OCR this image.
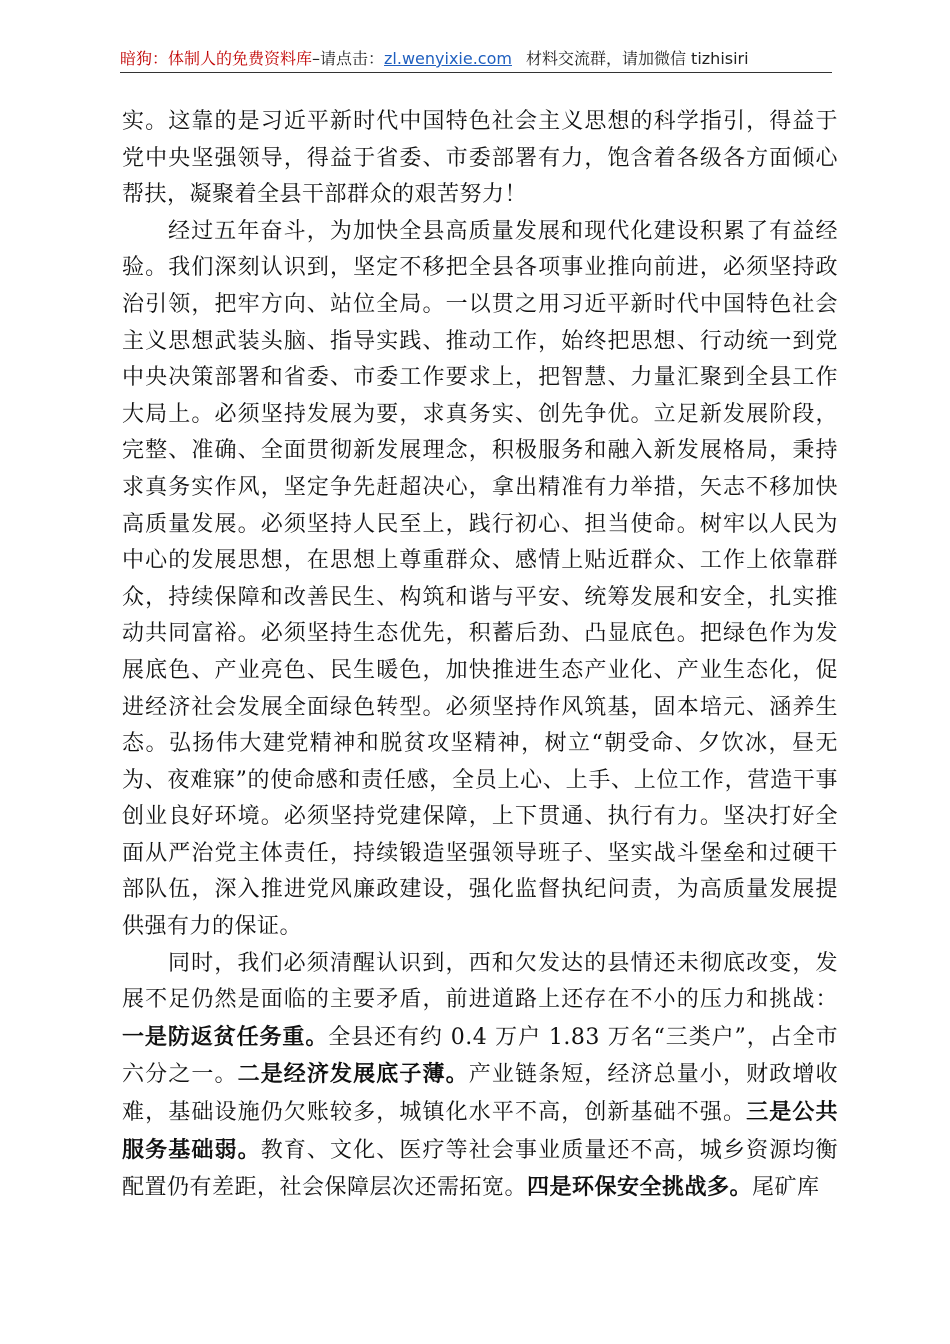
暗狗：体制人的免费资料库–请点击：zl.wenyixie.com 材料交流群，请加微信 tizhisiri

实。这靠的是习近平新时代中国特色社会主义思想的科学指引，得益于党中央坚强领导，得益于省委、市委部署有力，饱含着各级各方面倾心帮扶，凝聚着全县干部群众的艰苦努力！

经过五年奋斗，为加快全县高质量发展和现代化建设积累了有益经验。我们深刻认识到，坚定不移把全县各项事业推向前进，必须坚持政治引领，把牢方向、站位全局。一以贯之用习近平新时代中国特色社会主义思想武装头脑、指导实践、推动工作，始终把思想、行动统一到党中央决策部署和省委、市委工作要求上，把智慧、力量汇聚到全县工作大局上。必须坚持发展为要，求真务实、创先争优。立足新发展阶段，完整、准确、全面贯彻新发展理念，积极服务和融入新发展格局，秉持求真务实作风，坚定争先赶超决心，拿出精准有力举措，矢志不移加快高质量发展。必须坚持人民至上，践行初心、担当使命。树牢以人民为中心的发展思想，在思想上尊重群众、感情上贴近群众、工作上依靠群众，持续保障和改善民生、构筑和谐与平安、统筹发展和安全，扎实推动共同富裕。必须坚持生态优先，积蓄后劲、凸显底色。把绿色作为发展底色、产业亮色、民生暖色，加快推进生态产业化、产业生态化，促进经济社会发展全面绿色转型。必须坚持作风筑基，固本培元、涵养生态。弘扬伟大建党精神和脱贫攻坚精神，树立“朝受命、夕饮冰，昼无为、夜难寐”的使命感和责任感，全员上心、上手、上位工作，营造干事创业良好环境。必须坚持党建保障，上下贯通、执行有力。坚决打好全面从严治党主体责任，持续锻造坚强领导班子、坚实战斗堡垒和过硬干部队伍，深入推进党风廉政建设，强化监督执纪问责，为高质量发展提供强有力的保证。

同时，我们必须清醒认识到，西和欠发达的县情还未彻底改变，发展不足仍然是面临的主要矛盾，前进道路上还存在不小的压力和挑战：一是防返贫任务重。全县还有约 0.4 万户 1.83 万名“三类户”，占全市六分之一。二是经济发展底子薄。产业链条短，经济总量小，财政增收难，基础设施仍欠账较多，城镇化水平不高，创新基础不强。三是公共服务基础弱。教育、文化、医疗等社会事业质量还不高，城乡资源均衡配置仍有差距，社会保障层次还需拓宽。四是环保安全挑战多。尾矿库
